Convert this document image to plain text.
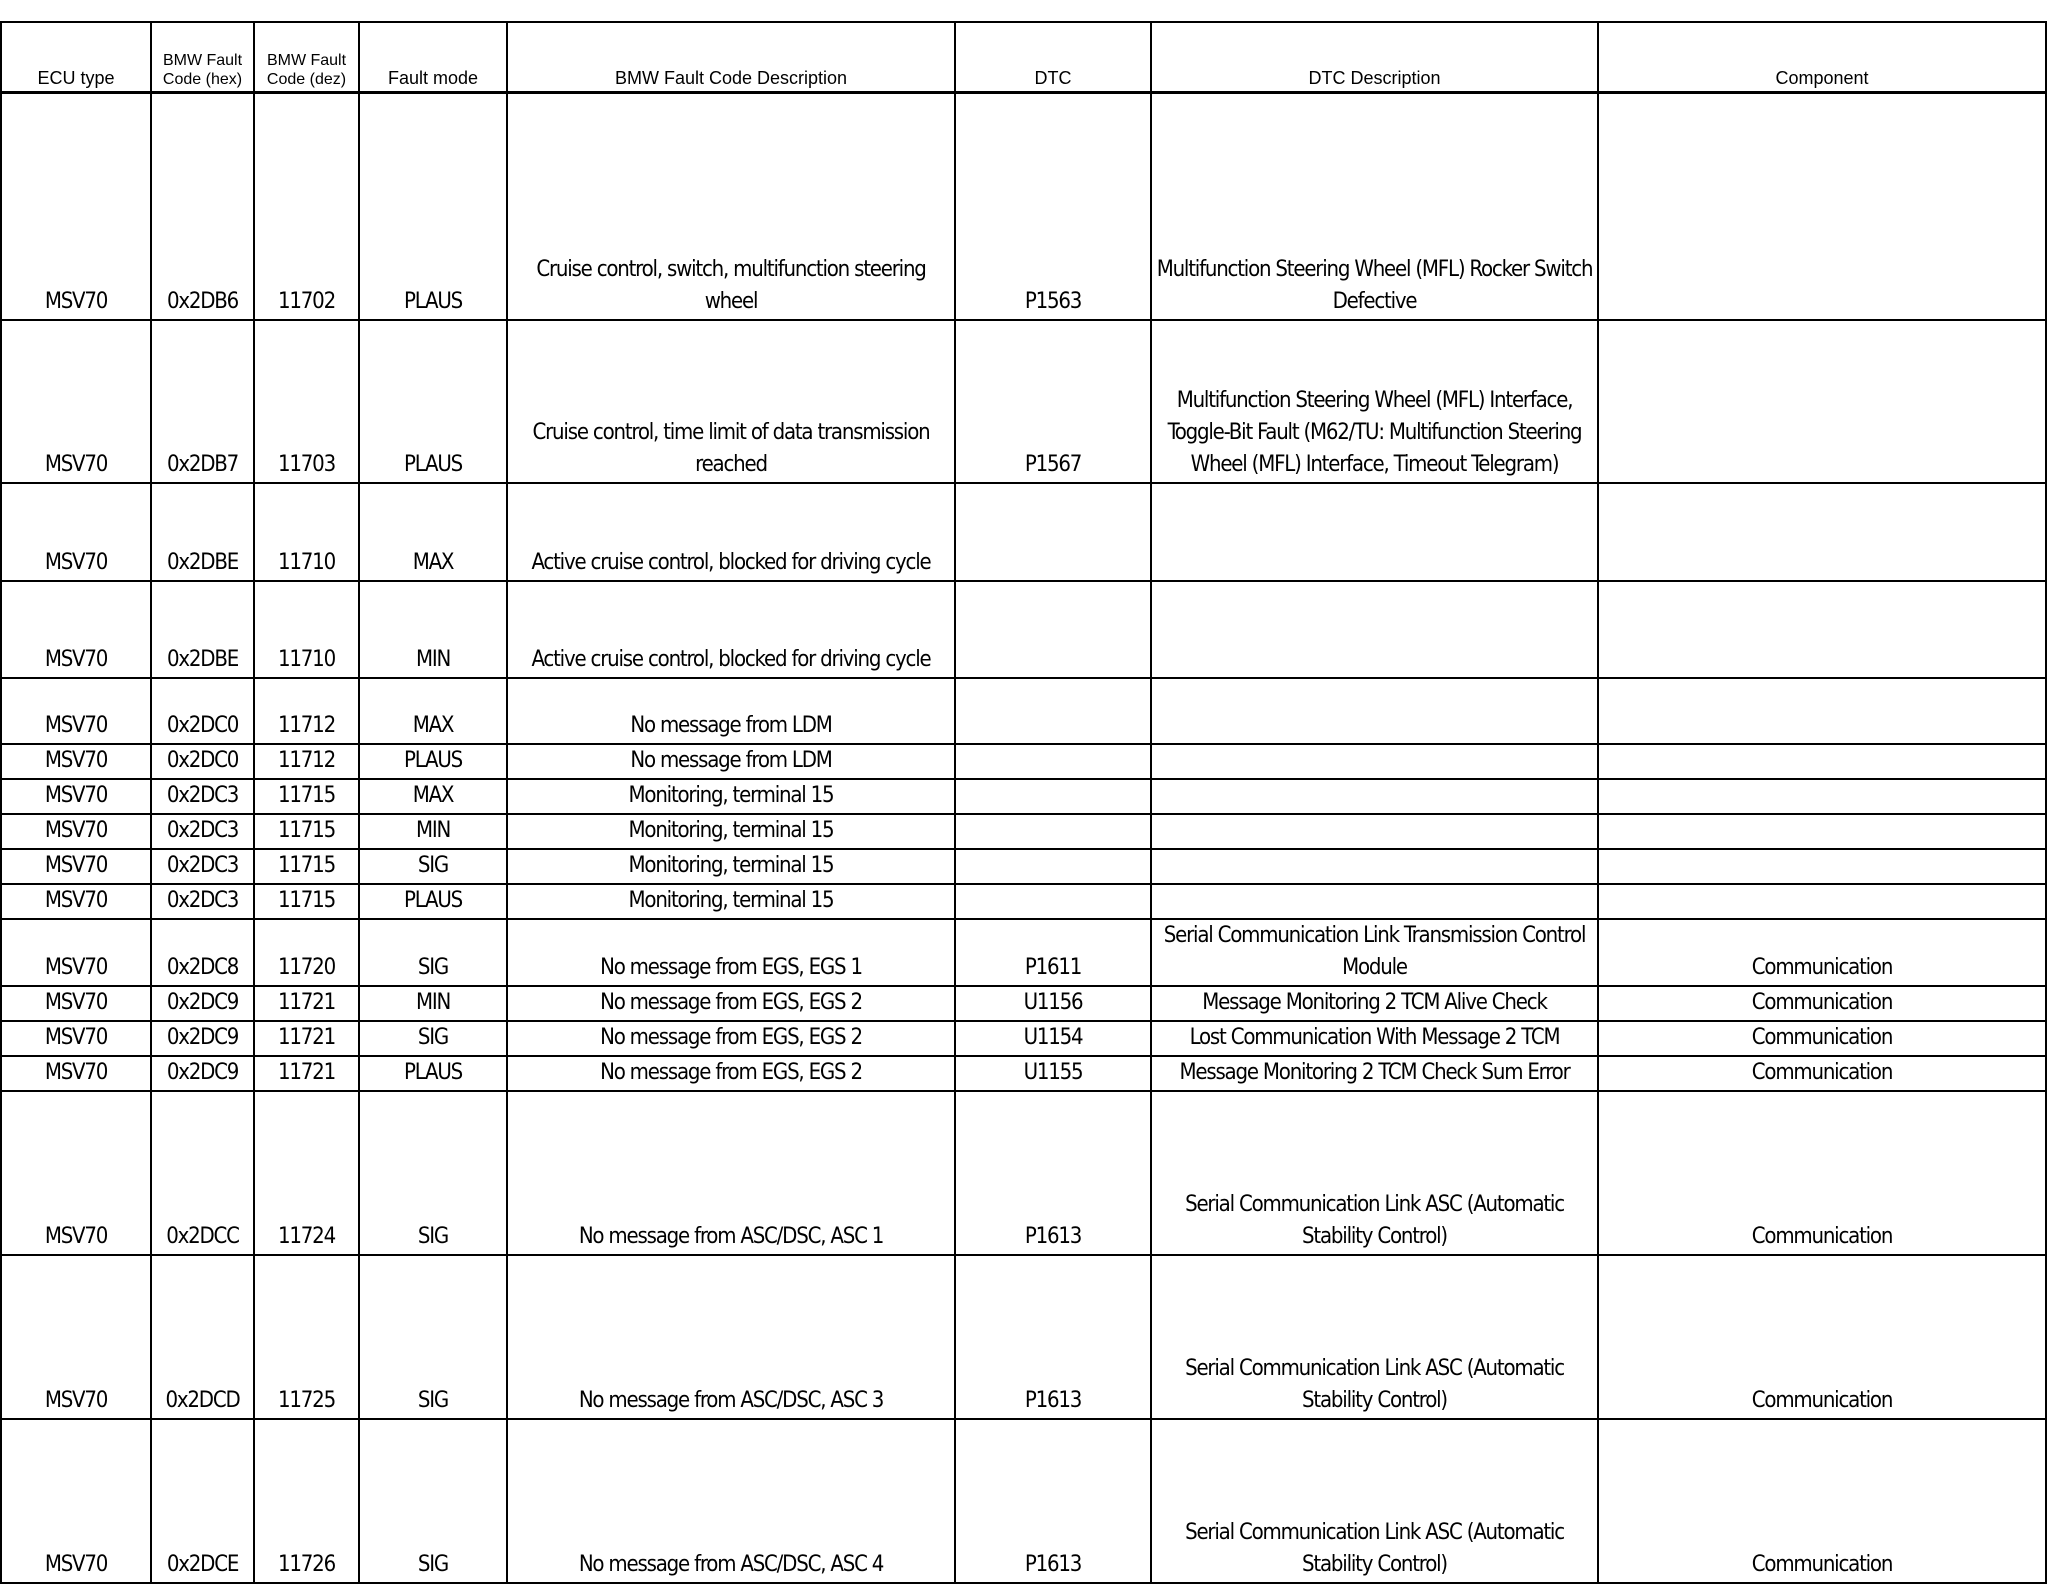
ECU type	BMW Fault Code (hex)	BMW Fault Code (dez)	Fault mode	BMW Fault Code Description	DTC	DTC Description	Component
MSV70	0x2DB6	11702	PLAUS	Cruise control, switch, multifunction steering wheel	P1563	Multifunction Steering Wheel (MFL) Rocker Switch Defective	
MSV70	0x2DB7	11703	PLAUS	Cruise control, time limit of data transmission reached	P1567	Multifunction Steering Wheel (MFL) Interface, Toggle-Bit Fault (M62/TU: Multifunction Steering Wheel (MFL) Interface, Timeout Telegram)	
MSV70	0x2DBE	11710	MAX	Active cruise control, blocked for driving cycle			
MSV70	0x2DBE	11710	MIN	Active cruise control, blocked for driving cycle			
MSV70	0x2DC0	11712	MAX	No message from LDM			
MSV70	0x2DC0	11712	PLAUS	No message from LDM			
MSV70	0x2DC3	11715	MAX	Monitoring, terminal 15			
MSV70	0x2DC3	11715	MIN	Monitoring, terminal 15			
MSV70	0x2DC3	11715	SIG	Monitoring, terminal 15			
MSV70	0x2DC3	11715	PLAUS	Monitoring, terminal 15			
MSV70	0x2DC8	11720	SIG	No message from EGS, EGS 1	P1611	Serial Communication Link Transmission Control Module	Communication
MSV70	0x2DC9	11721	MIN	No message from EGS, EGS 2	U1156	Message Monitoring 2 TCM Alive Check	Communication
MSV70	0x2DC9	11721	SIG	No message from EGS, EGS 2	U1154	Lost Communication With Message 2 TCM	Communication
MSV70	0x2DC9	11721	PLAUS	No message from EGS, EGS 2	U1155	Message Monitoring 2 TCM Check Sum Error	Communication
MSV70	0x2DCC	11724	SIG	No message from ASC/DSC, ASC 1	P1613	Serial Communication Link ASC (Automatic Stability Control)	Communication
MSV70	0x2DCD	11725	SIG	No message from ASC/DSC, ASC 3	P1613	Serial Communication Link ASC (Automatic Stability Control)	Communication
MSV70	0x2DCE	11726	SIG	No message from ASC/DSC, ASC 4	P1613	Serial Communication Link ASC (Automatic Stability Control)	Communication
